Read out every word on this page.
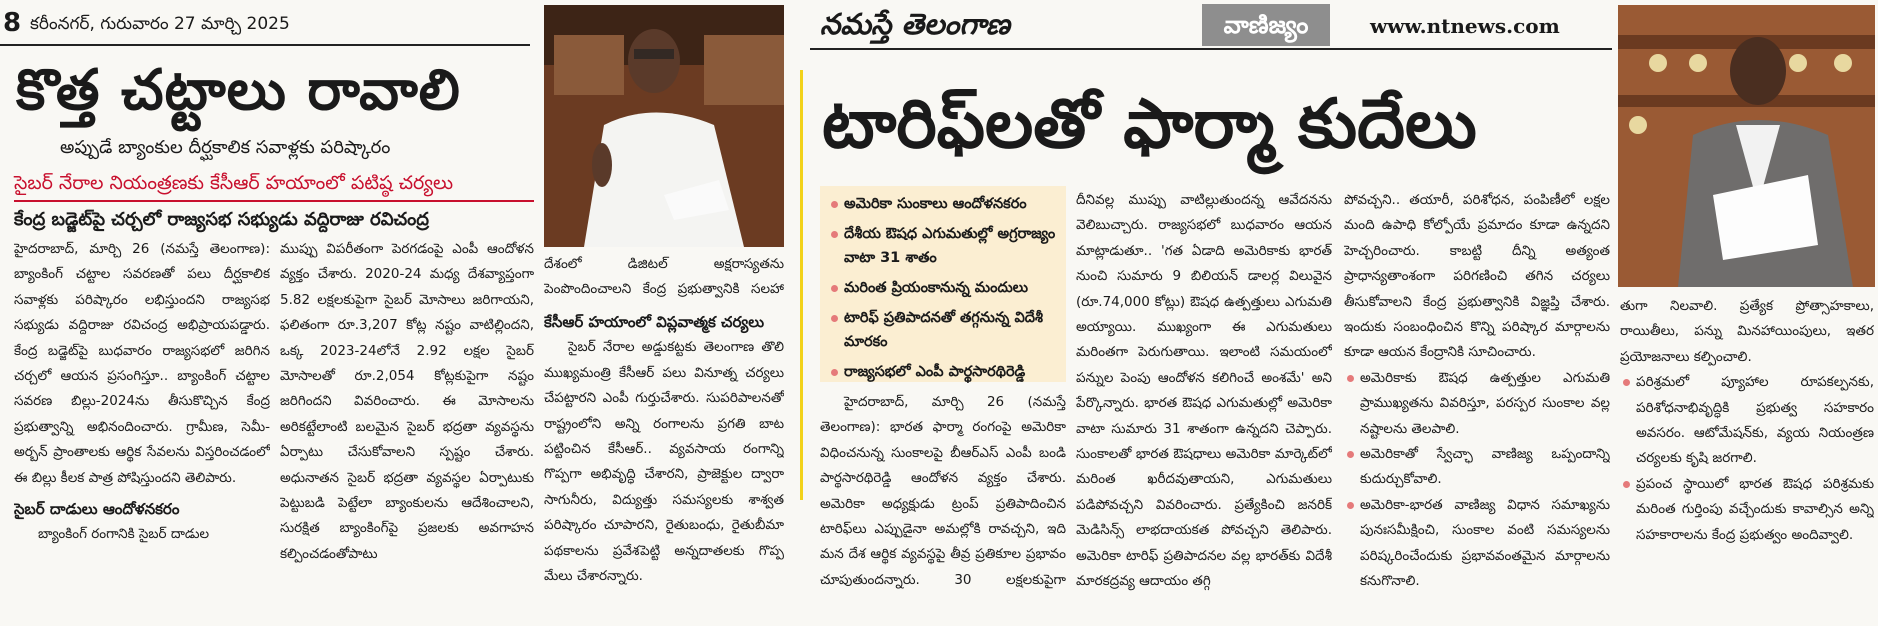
8 కరీంనగర్, గురువారం 27 మార్చి 2025
కొత్త చట్టాలు రావాలి
అప్పుడే బ్యాంకుల దీర్ఘకాలిక సవాళ్లకు పరిష్కారం
సైబర్ నేరాల నియంత్రణకు కేసీఆర్ హయాంలో పటిష్ఠ చర్యలు
కేంద్ర బడ్జెట్‌పై చర్చలో రాజ్యసభ సభ్యుడు వద్దిరాజు రవిచంద్ర

హైదరాబాద్, మార్చి 26 (నమస్తే తెలంగాణ): బ్యాంకింగ్ చట్టాల సవరణతో పలు దీర్ఘకాలిక సవాళ్లకు పరిష్కారం లభిస్తుందని రాజ్యసభ సభ్యుడు వద్దిరాజు రవిచంద్ర అభిప్రాయపడ్డారు. కేంద్ర బడ్జెట్‌పై బుధవారం రాజ్యసభలో జరిగిన చర్చలో ఆయన ప్రసంగిస్తూ.. బ్యాంకింగ్ చట్టాల సవరణ బిల్లు-2024ను తీసుకొచ్చిన కేంద్ర ప్రభుత్వాన్ని అభినందించారు. గ్రామీణ, సెమీ-అర్బన్ ప్రాంతాలకు ఆర్థిక సేవలను విస్తరించడంలో ఈ బిల్లు కీలక పాత్ర పోషిస్తుందని తెలిపారు.

సైబర్ దాడులు ఆందోళనకరం

బ్యాంకింగ్ రంగానికి సైబర్ దాడుల

ముప్పు విపరీతంగా పెరగడంపై ఎంపీ ఆందోళన వ్యక్తం చేశారు. 2020-24 మధ్య దేశవ్యాప్తంగా 5.82 లక్షలకుపైగా సైబర్ మోసాలు జరిగాయని, ఫలితంగా రూ.3,207 కోట్ల నష్టం వాటిల్లిందని, ఒక్క 2023-24లోనే 2.92 లక్షల సైబర్ మోసాలతో రూ.2,054 కోట్లకుపైగా నష్టం జరిగిందని వివరించారు. ఈ మోసాలను అరికట్టేలాంటి బలమైన సైబర్ భద్రతా వ్యవస్థను ఏర్పాటు చేసుకోవాలని స్పష్టం చేశారు. అధునాతన సైబర్ భద్రతా వ్యవస్థల ఏర్పాటుకు పెట్టుబడి పెట్టేలా బ్యాంకులను ఆదేశించాలని, సురక్షిత బ్యాంకింగ్‌పై ప్రజలకు అవగాహన కల్పించడంతోపాటు

కేసీఆర్ హయాంలో విప్లవాత్మక చర్యలు

సైబర్ నేరాల అడ్డుకట్టకు తెలంగాణ తొలి ముఖ్యమంత్రి కేసీఆర్ పలు వినూత్న చర్యలు చేపట్టారని ఎంపీ గుర్తుచేశారు. సుపరిపాలనతో రాష్ట్రంలోని అన్ని రంగాలను ప్రగతి బాట పట్టించిన కేసీఆర్.. వ్యవసాయ రంగాన్ని గొప్పగా అభివృద్ధి చేశారని, ప్రాజెక్టుల ద్వారా సాగునీరు, విద్యుత్తు సమస్యలకు శాశ్వత పరిష్కారం చూపారని, రైతుబంధు, రైతుబీమా పథకాలను ప్రవేశపెట్టి అన్నదాతలకు గొప్ప మేలు చేశారన్నారు.

దేశంలో డిజిటల్ అక్షరాస్యతను పెంపొందించాలని కేంద్ర ప్రభుత్వానికి సలహా

నమస్తే తెలంగాణ	వాణిజ్యం	www.ntnews.com
టారిఫ్‌లతో ఫార్మా కుదేలు
అమెరికా సుంకాలు ఆందోళనకరం
దేశీయ ఔషధ ఎగుమతుల్లో అగ్రరాజ్యం వాటా 31 శాతం
మరింత ప్రియంకానున్న మందులు
టారిఫ్ ప్రతిపాదనతో తగ్గనున్న విదేశీ మారకం
రాజ్యసభలో ఎంపీ పార్థసారథిరెడ్డి

హైదరాబాద్, మార్చి 26 (నమస్తే తెలంగాణ): భారత ఫార్మా రంగంపై అమెరికా విధించనున్న సుంకాలపై బీఆర్ఎస్ ఎంపీ బండి పార్థసారథిరెడ్డి ఆందోళన వ్యక్తం చేశారు. అమెరికా అధ్యక్షుడు ట్రంప్ ప్రతిపాదించిన టారిఫ్‌లు ఎప్పుడైనా అమల్లోకి రావచ్చని, ఇది మన దేశ ఆర్థిక వ్యవస్థపై తీవ్ర ప్రతికూల ప్రభావం చూపుతుందన్నారు. 30 లక్షలకుపైగా

దీనివల్ల ముప్పు వాటిల్లుతుందన్న ఆవేదనను వెలిబుచ్చారు. రాజ్యసభలో బుధవారం ఆయన మాట్లాడుతూ.. 'గత ఏడాది అమెరికాకు భారత్ నుంచి సుమారు 9 బిలియన్ డాలర్ల విలువైన (రూ.74,000 కోట్లు) ఔషధ ఉత్పత్తులు ఎగుమతి అయ్యాయి. ముఖ్యంగా ఈ ఎగుమతులు మరింతగా పెరుగుతాయి. ఇలాంటి సమయంలో పన్నుల పెంపు ఆందోళన కలిగించే అంశమే' అని పేర్కొన్నారు. భారత ఔషధ ఎగుమతుల్లో అమెరికా వాటా సుమారు 31 శాతంగా ఉన్నదని చెప్పారు. సుంకాలతో భారత ఔషధాలు అమెరికా మార్కెట్‌లో మరింత ఖరీదవుతాయని, ఎగుమతులు పడిపోవచ్చని వివరించారు. ప్రత్యేకించి జనరిక్ మెడిసిన్స్ లాభదాయకత పోవచ్చని తెలిపారు. అమెరికా టారిఫ్ ప్రతిపాదనల వల్ల భారత్‌కు విదేశీ మారకద్రవ్య ఆదాయం తగ్గి

పోవచ్చని.. తయారీ, పరిశోధన, పంపిణీలో లక్షల మంది ఉపాధి కోల్పోయే ప్రమాదం కూడా ఉన్నదని హెచ్చరించారు. కాబట్టి దీన్ని అత్యంత ప్రాధాన్యతాంశంగా పరిగణించి తగిన చర్యలు తీసుకోవాలని కేంద్ర ప్రభుత్వానికి విజ్ఞప్తి చేశారు. ఇందుకు సంబంధించిన కొన్ని పరిష్కార మార్గాలను కూడా ఆయన కేంద్రానికి సూచించారు.

అమెరికాకు ఔషధ ఉత్పత్తుల ఎగుమతి ప్రాముఖ్యతను వివరిస్తూ, పరస్పర సుంకాల వల్ల నష్టాలను తెలపాలి.

అమెరికాతో స్వేచ్ఛా వాణిజ్య ఒప్పందాన్ని కుదుర్చుకోవాలి.

అమెరికా-భారత వాణిజ్య విధాన సమాఖ్యను పునఃసమీక్షించి, సుంకాల వంటి సమస్యలను పరిష్కరించేందుకు ప్రభావవంతమైన మార్గాలను కనుగొనాలి.

తుగా నిలవాలి. ప్రత్యేక ప్రోత్సాహకాలు, రాయితీలు, పన్ను మినహాయింపులు, ఇతర ప్రయోజనాలు కల్పించాలి.

పరిశ్రమలో ప్యూహాల రూపకల్పనకు, పరిశోధనాభివృద్ధికి ప్రభుత్వ సహకారం అవసరం. ఆటోమేషన్‌కు, వ్యయ నియంత్రణ చర్యలకు కృషి జరగాలి.

ప్రపంచ స్థాయిలో భారత ఔషధ పరిశ్రమకు మరింత గుర్తింపు వచ్చేందుకు కావాల్సిన అన్ని సహకారాలను కేంద్ర ప్రభుత్వం అందివ్వాలి.
